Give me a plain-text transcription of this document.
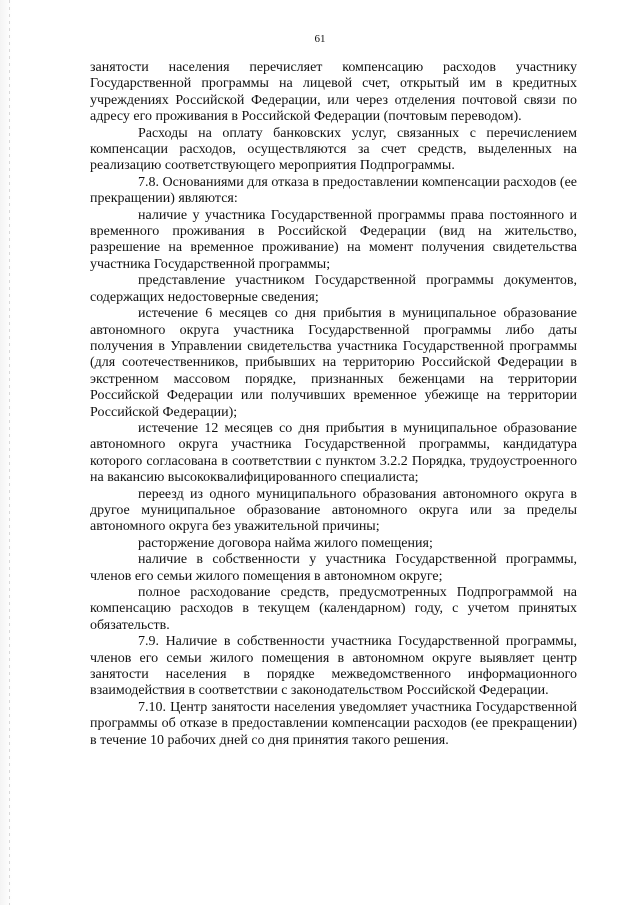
61

занятости населения перечисляет компенсацию расходов участнику Государственной программы на лицевой счет, открытый им в кредитных учреждениях Российской Федерации, или через отделения почтовой связи по адресу его проживания в Российской Федерации (почтовым переводом).

Расходы на оплату банковских услуг, связанных с перечислением компенсации расходов, осуществляются за счет средств, выделенных на реализацию соответствующего мероприятия Подпрограммы.

7.8. Основаниями для отказа в предоставлении компенсации расходов (ее прекращении) являются:

наличие у участника Государственной программы права постоянного и временного проживания в Российской Федерации (вид на жительство, разрешение на временное проживание) на момент получения свидетельства участника Государственной программы;

представление участником Государственной программы документов, содержащих недостоверные сведения;

истечение 6 месяцев со дня прибытия в муниципальное образование автономного округа участника Государственной программы либо даты получения в Управлении свидетельства участника Государственной программы (для соотечественников, прибывших на территорию Российской Федерации в экстренном массовом порядке, признанных беженцами на территории Российской Федерации или получивших временное убежище на территории Российской Федерации);

истечение 12 месяцев со дня прибытия в муниципальное образование автономного округа участника Государственной программы, кандидатура которого согласована в соответствии с пунктом 3.2.2 Порядка, трудоустроенного на вакансию высококвалифицированного специалиста;

переезд из одного муниципального образования автономного округа в другое муниципальное образование автономного округа или за пределы автономного округа без уважительной причины;

расторжение договора найма жилого помещения;

наличие в собственности у участника Государственной программы, членов его семьи жилого помещения в автономном округе;

полное расходование средств, предусмотренных Подпрограммой на компенсацию расходов в текущем (календарном) году, с учетом принятых обязательств.

7.9. Наличие в собственности участника Государственной программы, членов его семьи жилого помещения в автономном округе выявляет центр занятости населения в порядке межведомственного информационного взаимодействия в соответствии с законодательством Российской Федерации.

7.10. Центр занятости населения уведомляет участника Государственной программы об отказе в предоставлении компенсации расходов (ее прекращении) в течение 10 рабочих дней со дня принятия такого решения.
